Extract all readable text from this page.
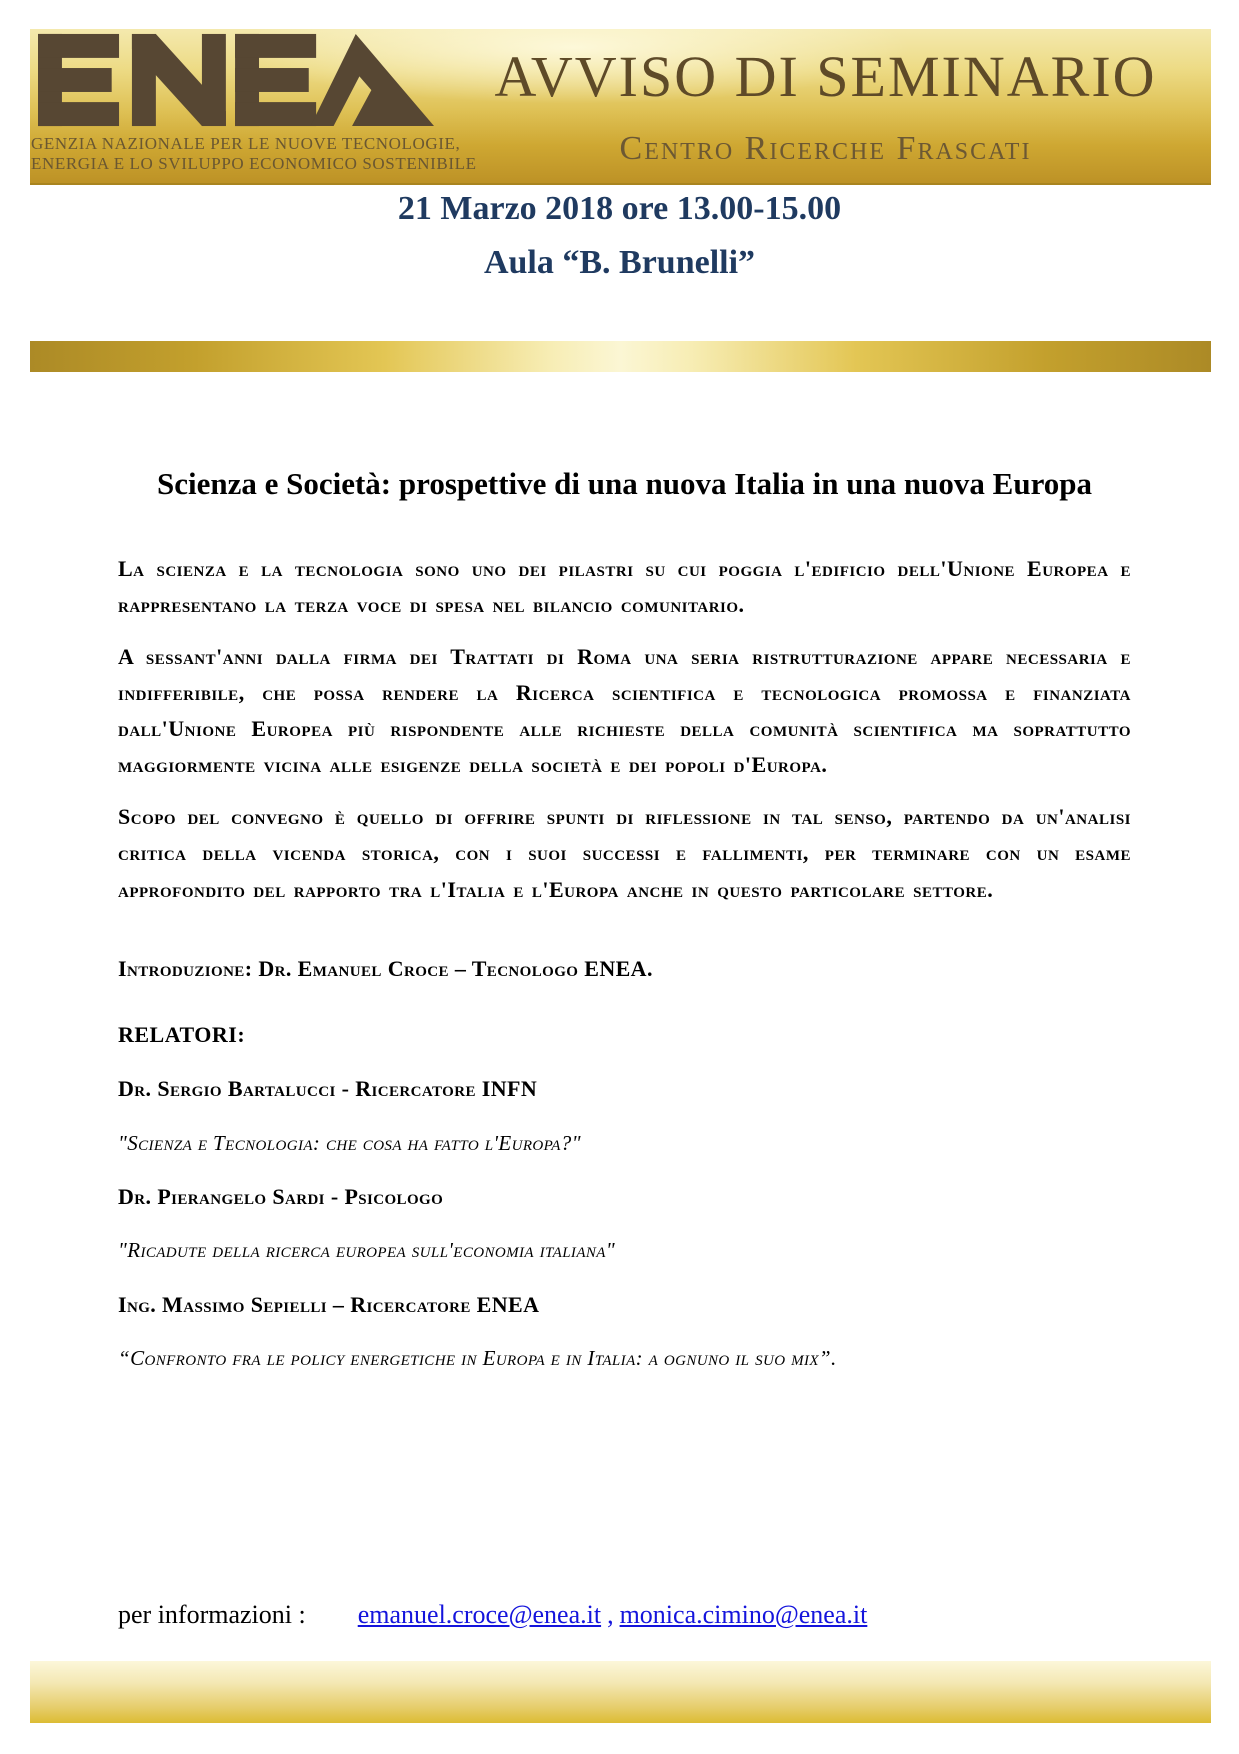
GENZIA NAZIONALE PER LE NUOVE TECNOLOGIE,
ENERGIA E LO SVILUPPO ECONOMICO SOSTENIBILE
AVVISO DI SEMINARIO
Centro Ricerche Frascati
21 Marzo 2018 ore 13.00-15.00
Aula “B. Brunelli”
Scienza e Società: prospettive di una nuova Italia in una nuova Europa

La scienza e la tecnologia sono uno dei pilastri su cui poggia l'edificio dell'Unione Europea e rappresentano la terza voce di spesa nel bilancio comunitario.

A sessant'anni dalla firma dei Trattati di Roma una seria ristrutturazione appare necessaria e indifferibile, che possa rendere la Ricerca scientifica e tecnologica promossa e finanziata dall'Unione Europea più rispondente alle richieste della comunità scientifica ma soprattutto maggiormente vicina alle esigenze della società e dei popoli d'Europa.

Scopo del convegno è quello di offrire spunti di riflessione in tal senso, partendo da un'analisi critica della vicenda storica, con i suoi successi e fallimenti, per terminare con un esame approfondito del rapporto tra l'Italia e l'Europa anche in questo particolare settore.

Introduzione: Dr. Emanuel Croce – Tecnologo ENEA.

RELATORI:

Dr. Sergio Bartalucci - Ricercatore INFN

"Scienza e Tecnologia: che cosa ha fatto l'Europa?"

Dr. Pierangelo Sardi - Psicologo

"Ricadute della ricerca europea sull'economia italiana"

Ing. Massimo Sepielli – Ricercatore ENEA

“Confronto fra le policy energetiche in Europa e in Italia: a ognuno il suo mix”.

per informazioni : emanuel.croce@enea.it , monica.cimino@enea.it
